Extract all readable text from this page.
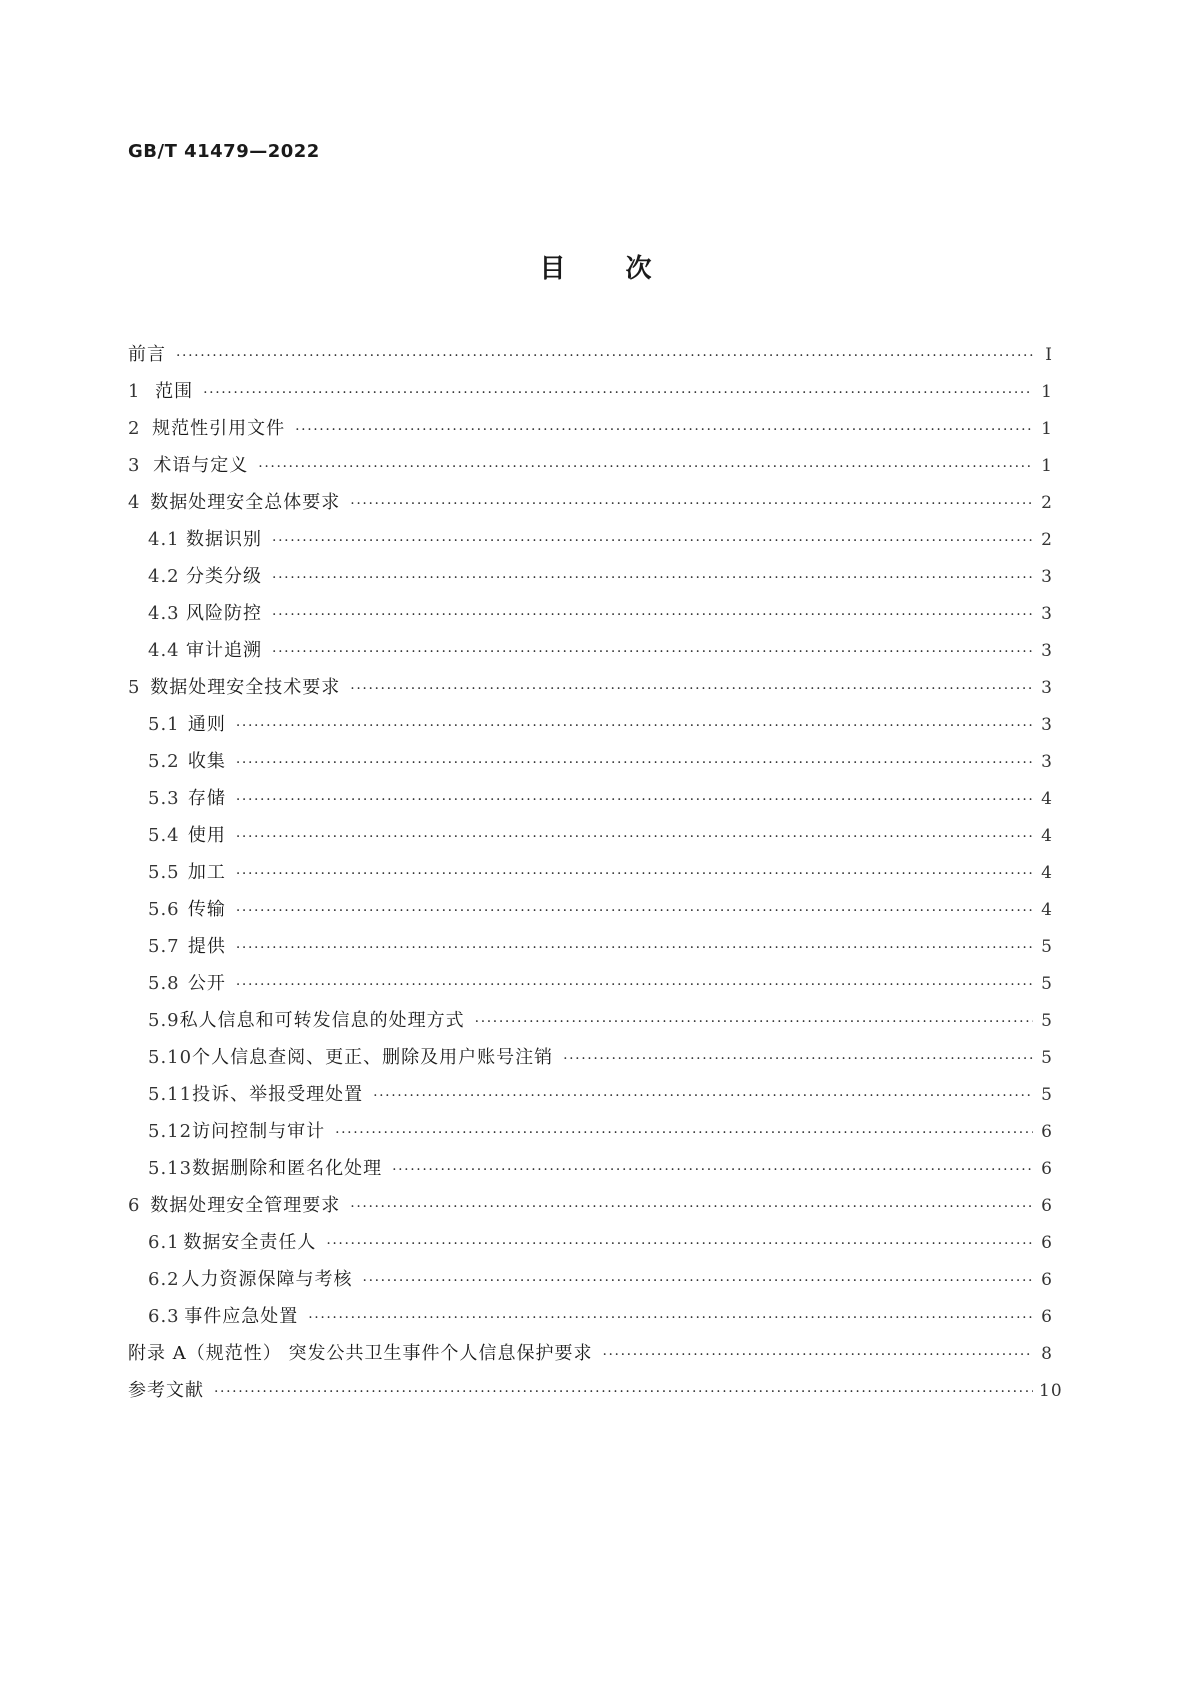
GB/T 41479—2022
目次
前言 ·····	I
1 范围 ·····	1
2 规范性引用文件 ·····	1
3 术语与定义 ·····	1
4 数据处理安全总体要求 ·····	2
4.1 数据识别 ·····	2
4.2 分类分级 ·····	3
4.3 风险防控 ·····	3
4.4 审计追溯 ·····	3
5 数据处理安全技术要求 ·····	3
5.1 通则 ·····	3
5.2 收集 ·····	3
5.3 存储 ·····	4
5.4 使用 ·····	4
5.5 加工 ·····	4
5.6 传输 ·····	4
5.7 提供 ·····	5
5.8 公开 ·····	5
5.9 私人信息和可转发信息的处理方式 ·····	5
5.10 个人信息查阅、更正、删除及用户账号注销 ·····	5
5.11 投诉、举报受理处置 ·····	5
5.12 访问控制与审计 ·····	6
5.13 数据删除和匿名化处理 ·····	6
6 数据处理安全管理要求 ·····	6
6.1 数据安全责任人 ·····	6
6.2 人力资源保障与考核 ·····	6
6.3 事件应急处置 ·····	6
附录 A（规范性） 突发公共卫生事件个人信息保护要求 ·····	8
参考文献 ·····	10
